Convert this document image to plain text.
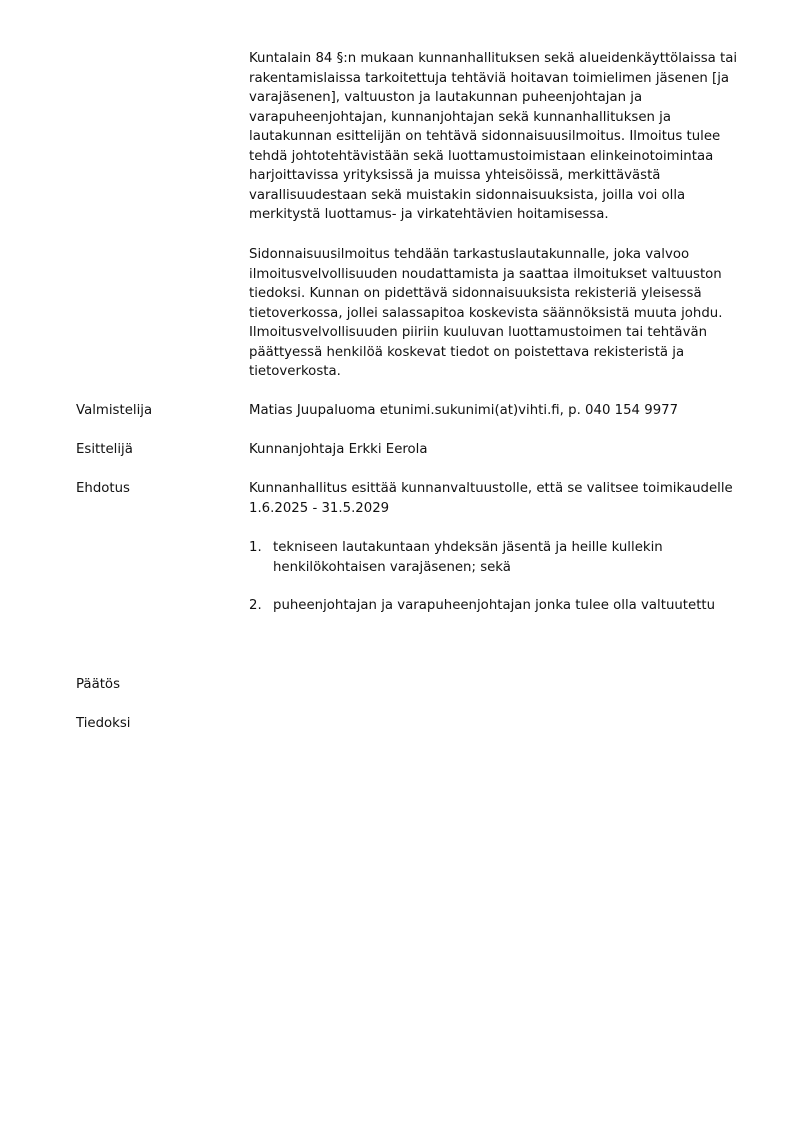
Kuntalain 84 §:n mukaan kunnanhallituksen sekä alueidenkäyttölaissa tai
rakentamislaissa tarkoitettuja tehtäviä hoitavan toimielimen jäsenen [ja
varajäsenen], valtuuston ja lautakunnan puheenjohtajan ja
varapuheenjohtajan, kunnanjohtajan sekä kunnanhallituksen ja
lautakunnan esittelijän on tehtävä sidonnaisuusilmoitus. Ilmoitus tulee
tehdä johtotehtävistään sekä luottamustoimistaan elinkeinotoimintaa
harjoittavissa yrityksissä ja muissa yhteisöissä, merkittävästä
varallisuudestaan sekä muistakin sidonnaisuuksista, joilla voi olla
merkitystä luottamus- ja virkatehtävien hoitamisessa.
Sidonnaisuusilmoitus tehdään tarkastuslautakunnalle, joka valvoo
ilmoitusvelvollisuuden noudattamista ja saattaa ilmoitukset valtuuston
tiedoksi. Kunnan on pidettävä sidonnaisuuksista rekisteriä yleisessä
tietoverkossa, jollei salassapitoa koskevista säännöksistä muuta johdu.
Ilmoitusvelvollisuuden piiriin kuuluvan luottamustoimen tai tehtävän
päättyessä henkilöä koskevat tiedot on poistettava rekisteristä ja
tietoverkosta.
Valmistelija	Matias Juupaluoma etunimi.sukunimi(at)vihti.fi, p. 040 154 9977
Esittelijä	Kunnanjohtaja Erkki Eerola
Ehdotus	Kunnanhallitus esittää kunnanvaltuustolle, että se valitsee toimikaudelle
1.6.2025 - 31.5.2029
1. tekniseen lautakuntaan yhdeksän jäsentä ja heille kullekin
henkilökohtaisen varajäsenen; sekä
2. puheenjohtajan ja varapuheenjohtajan jonka tulee olla valtuutettu
Päätös
Tiedoksi
